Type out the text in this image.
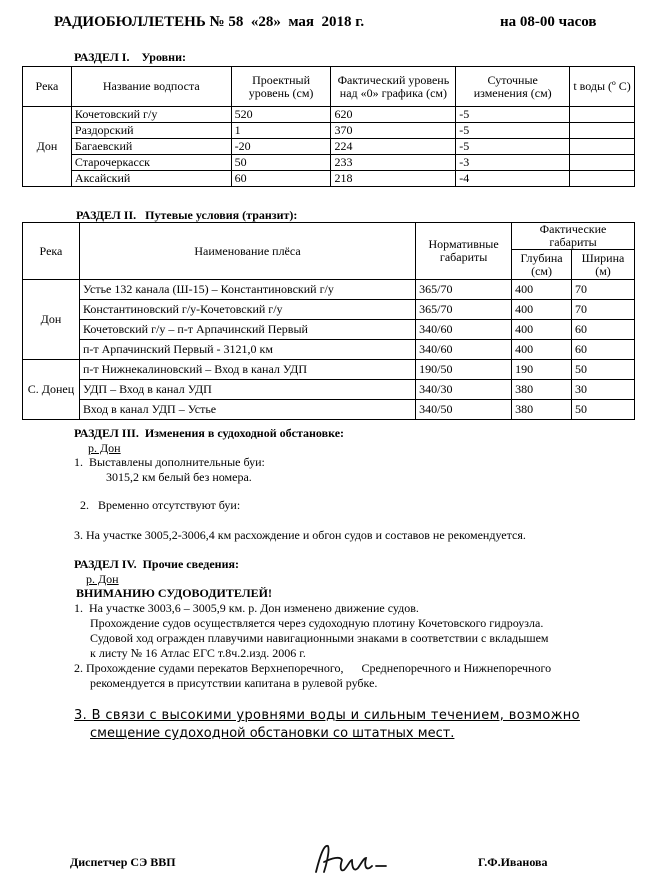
РАДИОБЮЛЛЕТЕНЬ № 58  «28»  мая  2018 г.	на 08-00 часов
РАЗДЕЛ I.    Уровни:
Река	Название водпоста	Проектный уровень (см)	Фактический уровень над «0» графика (см)	Суточные изменения (см)	t воды (º С)
Дон	Кочетовский г/у	520	620	-5	
	Раздорский	1	370	-5	
	Багаевский	-20	224	-5	
	Старочеркасск	50	233	-3	
	Аксайский	60	218	-4	
РАЗДЕЛ II.   Путевые условия (транзит):
Река	Наименование плёса	Нормативные габариты	Фактические габариты	
			Глубина (см)	Ширина (м)
Дон	Устье 132 канала (Ш-15) – Константиновский г/у	365/70	400	70
	Константиновский г/у-Кочетовский г/у	365/70	400	70
	Кочетовский г/у – п-т Арпачинский Первый	340/60	400	60
	п-т Арпачинский Первый - 3121,0 км	340/60	400	60
С. Донец	п-т Нижнекалиновский – Вход в канал УДП	190/50	190	50
	УДП – Вход в канал УДП	340/30	380	30
	Вход в канал УДП – Устье	340/50	380	50
РАЗДЕЛ III.  Изменения в судоходной обстановке:
р. Дон
1.  Выставлены дополнительные буи:
3015,2 км белый без номера.
2.   Временно отсутствуют буи:
3. На участке 3005,2-3006,4 км расхождение и обгон судов и составов не рекомендуется.
РАЗДЕЛ IV.  Прочие сведения:
р. Дон
ВНИМАНИЮ СУДОВОДИТЕЛЕЙ!
1.  На участке 3003,6 – 3005,9 км. р. Дон изменено движение судов.
Прохождение судов осуществляется через судоходную плотину Кочетовского гидроузла.
Судовой ход огражден плавучими навигационными знаками в соответствии с вкладышем
к листу № 16 Атлас ЕГС т.8ч.2.изд. 2006 г.
2. Прохождение судами перекатов Верхнепоречного,      Среднепоречного и Нижнепоречного
рекомендуется в присутствии капитана в рулевой рубке.
3. В связи с высокими уровнями воды и сильным течением, возможно
смещение судоходной обстановки со штатных мест.
Диспетчер СЭ ВВП	Г.Ф.Иванова
